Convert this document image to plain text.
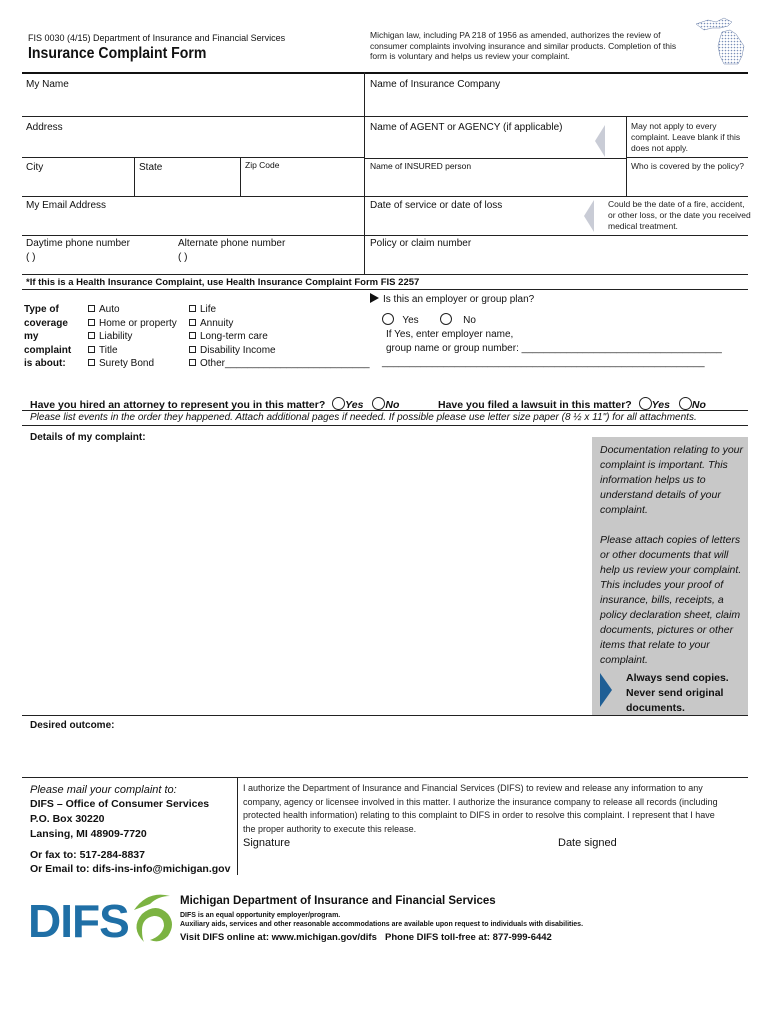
FIS 0030 (4/15) Department of Insurance and Financial Services
Insurance Complaint Form
Michigan law, including PA 218 of 1956 as amended, authorizes the review of
consumer complaints involving insurance and similar products. Completion of this
form is voluntary and helps us review your complaint.
My Name	Name of Insurance Company
Address	Name of AGENT or AGENCY (if applicable)	May not apply to every
complaint. Leave blank if this
does not apply.
City	State	Zip Code	Name of INSURED person	Who is covered by the policy?
My Email Address	Date of service or date of loss	Could be the date of a fire, accident,
or other loss, or the date you received
medical treatment.
Daytime phone number	Alternate phone number	Policy or claim number
( )	( )
*If this is a Health Insurance Complaint, use Health Insurance Complaint Form FIS 2257
Type of
coverage
my
complaint
is about:
Auto
Home or property
Liability
Title
Surety Bond
Life
Annuity
Long-term care
Disability Income
Other__________________________
Is this an employer or group plan?
Yes	No
If Yes, enter employer name,
group name or group number: ____________________________________
__________________________________________________________
Have you hired an attorney to represent you in this matter? Yes No	Have you filed a lawsuit in this matter? Yes No
Please list events in the order they happened. Attach additional pages if needed. If possible please use letter size paper (8 ½ x 11") for all attachments.
Details of my complaint:

Documentation relating to your complaint is important. This information helps us to understand details of your complaint.

Please attach copies of letters or other documents that will help us review your complaint. This includes your proof of insurance, bills, receipts, a policy declaration sheet, claim documents, pictures or other items that relate to your complaint.

Always send copies.
Never send original
documents.
Desired outcome:
Please mail your complaint to:
DIFS – Office of Consumer Services
P.O. Box 30220
Lansing, MI 48909-7720
Or fax to: 517-284-8837
Or Email to: difs-ins-info@michigan.gov
I authorize the Department of Insurance and Financial Services (DIFS) to review and release any information to any
company, agency or licensee involved in this matter. I authorize the insurance company to release all records (including
protected health information) relating to this complaint to DIFS in order to resolve this complaint. I represent that I have
the proper authority to execute this release.
Signature	Date signed
DIFS	Michigan Department of Insurance and Financial Services
DIFS is an equal opportunity employer/program.
Auxiliary aids, services and other reasonable accommodations are available upon request to individuals with disabilities.
Visit DIFS online at: www.michigan.gov/difs Phone DIFS toll-free at: 877-999-6442
